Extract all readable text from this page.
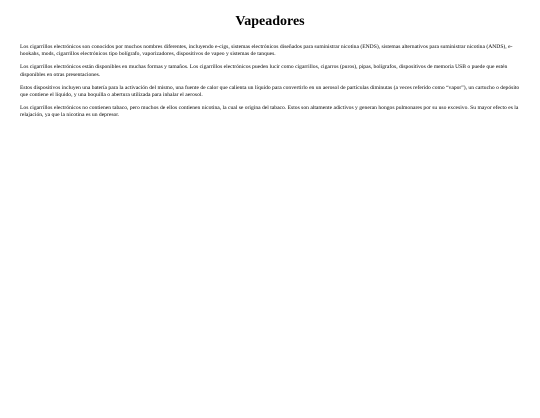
Vapeadores

Los cigarrillos electrónicos son conocidos por muchos nombres diferentes, incluyendo e-cigs, sistemas electrónicos diseñados para suministrar nicotina (ENDS), sistemas alternativos para suministrar nicotina (ANDS), e-hookahs, mods, cigarrillos electrónicos tipo bolígrafo, vaporizadores, dispositivos de vapeo y sistemas de tanques.

Los cigarrillos electrónicos están disponibles en muchas formas y tamaños. Los cigarrillos electrónicos pueden lucir como cigarrillos, cigarros (puros), pipas, bolígrafos, dispositivos de memoria USB o puede que estén disponibles en otras presentaciones.

Estos dispositivos incluyen una batería para la activación del mismo, una fuente de calor que calienta un líquido para convertirlo en un aerosol de partículas diminutas (a veces referido como “vapor”), un cartucho o depósito que contiene el líquido, y una boquilla o abertura utilizada para inhalar el aerosol.

Los cigarrillos electrónicos no contienen tabaco, pero muchos de ellos contienen nicotina, la cual se origina del tabaco. Estos son altamente adictivos y generan hongos pulmonares por su uso excesivo. Su mayor efecto es la relajación, ya que la nicotina es un depresor.
